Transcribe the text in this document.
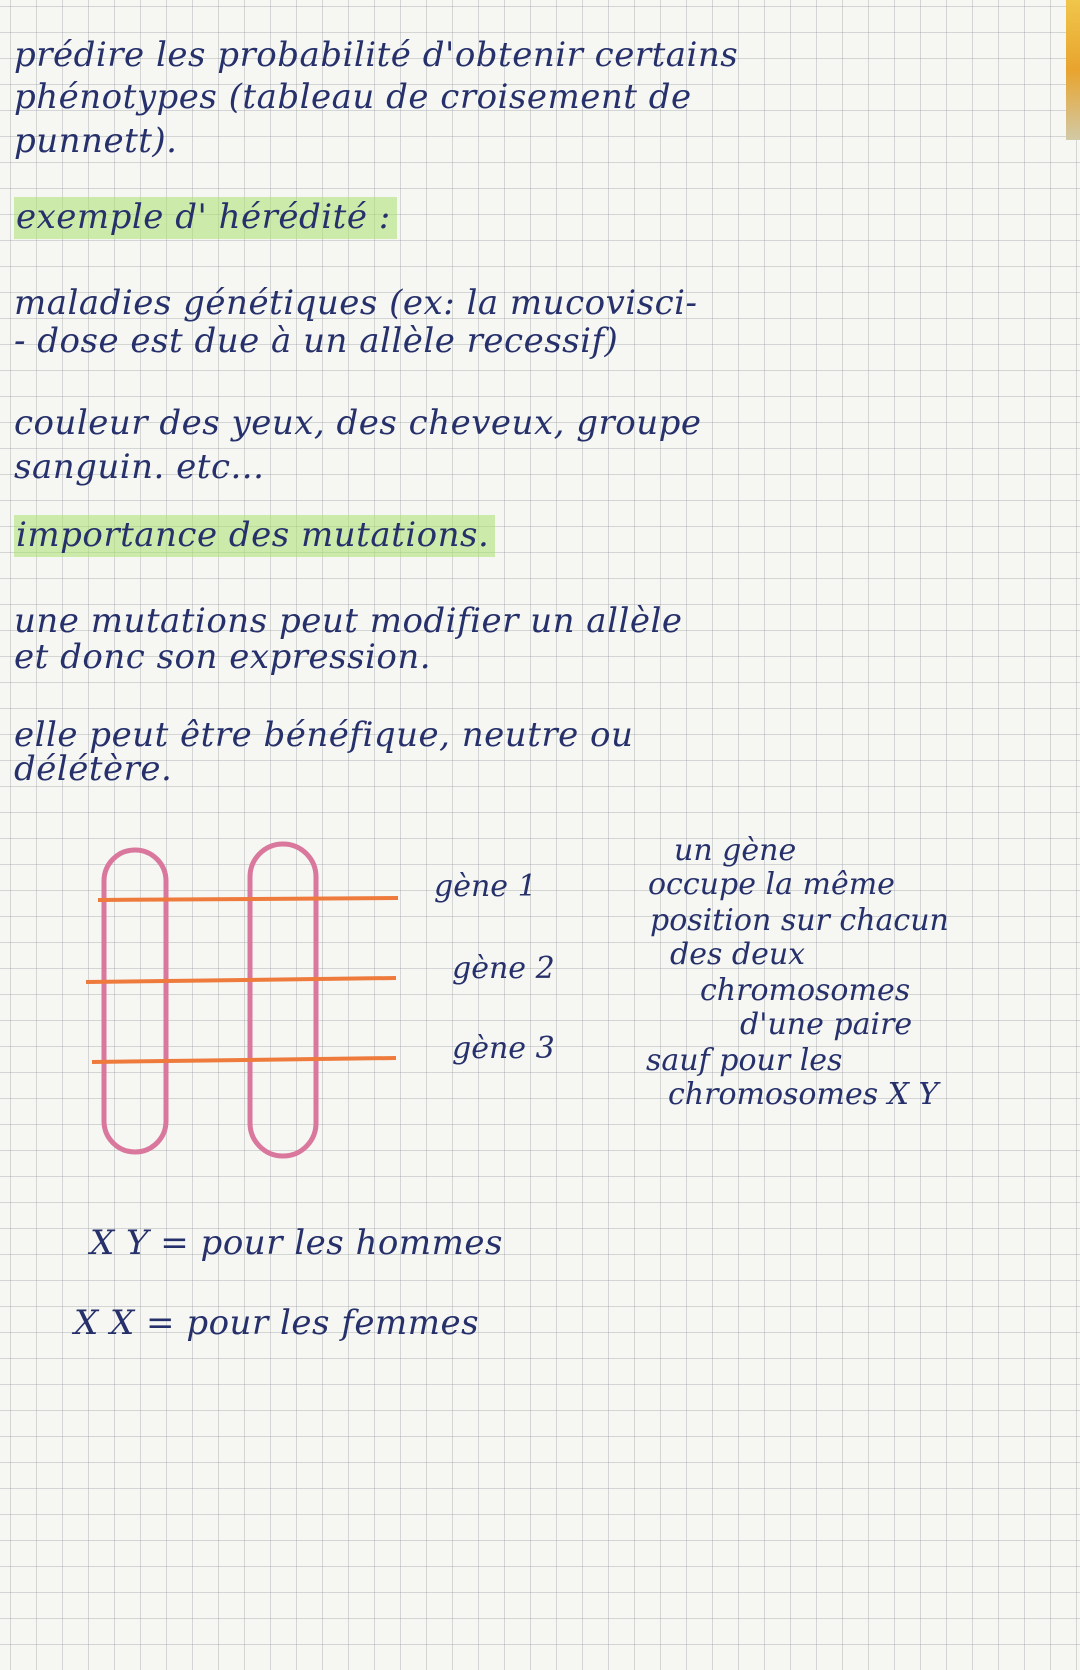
prédire les probabilité d'obtenir certains
phénotypes (tableau de croisement de
punnett).
exemple d' hérédité :
maladies génétiques (ex: la mucovisci-
- dose est due à un allèle recessif)
couleur des yeux, des cheveux, groupe
sanguin. etc...
importance des mutations.
une mutations peut modifier un allèle
et donc son expression.
elle peut être bénéfique, neutre ou
délétère.
gène 1
gène 2
gène 3
un gène
occupe la même
position sur chacun
des deux
chromosomes
d'une paire
sauf pour les
chromosomes X Y
X Y = pour les hommes
X X = pour les femmes
